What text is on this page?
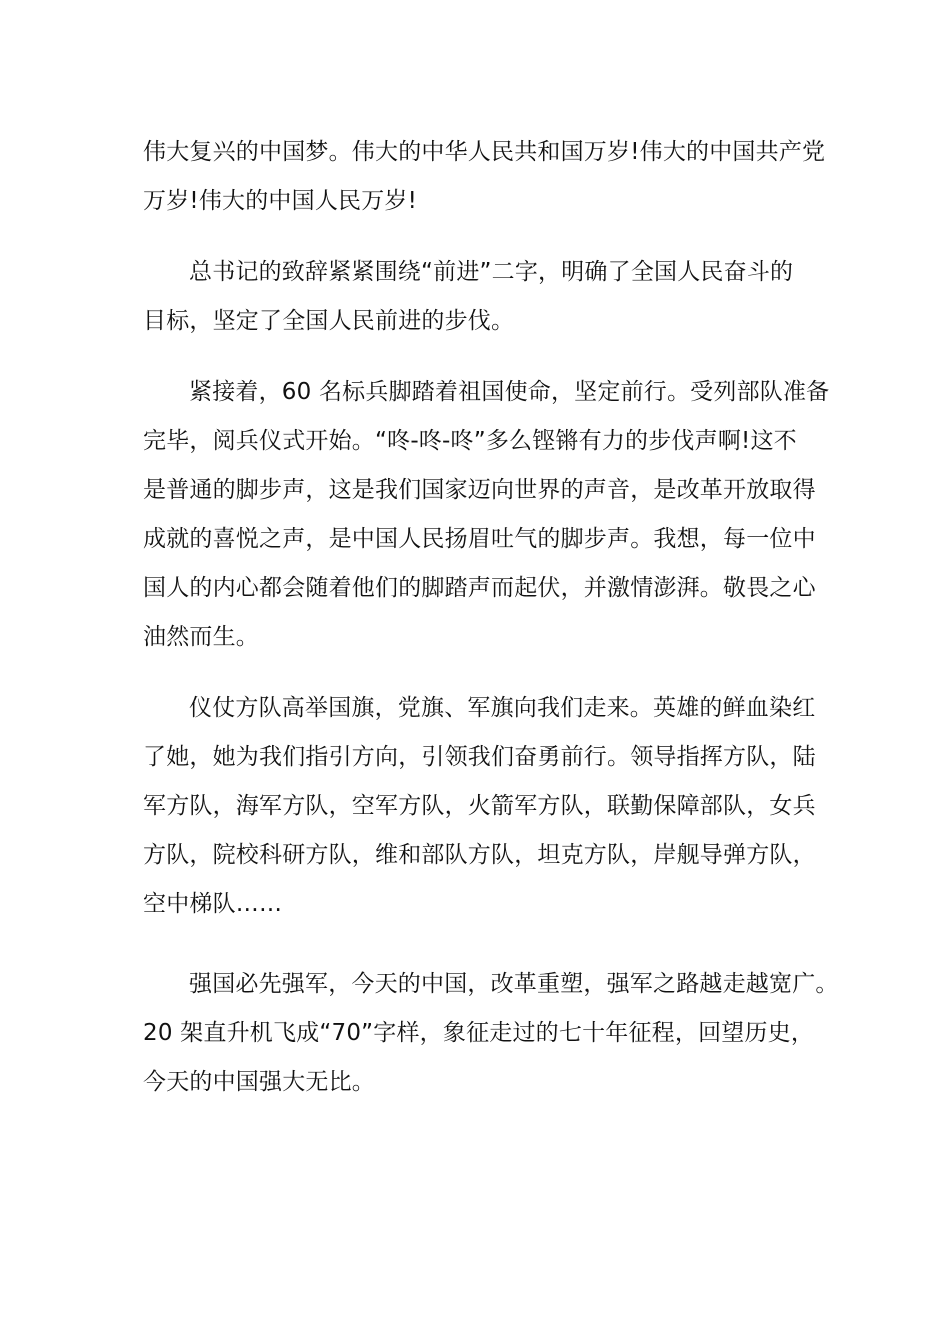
伟大复兴的中国梦。伟大的中华人民共和国万岁!伟大的中国共产党
万岁!伟大的中国人民万岁!
总书记的致辞紧紧围绕“前进”二字，明确了全国人民奋斗的
目标，坚定了全国人民前进的步伐。
紧接着，60 名标兵脚踏着祖国使命，坚定前行。受列部队准备
完毕，阅兵仪式开始。“咚-咚-咚”多么铿锵有力的步伐声啊!这不
是普通的脚步声，这是我们国家迈向世界的声音，是改革开放取得
成就的喜悦之声，是中国人民扬眉吐气的脚步声。我想，每一位中
国人的内心都会随着他们的脚踏声而起伏，并激情澎湃。敬畏之心
油然而生。
仪仗方队高举国旗，党旗、军旗向我们走来。英雄的鲜血染红
了她，她为我们指引方向，引领我们奋勇前行。领导指挥方队，陆
军方队，海军方队，空军方队，火箭军方队，联勤保障部队，女兵
方队，院校科研方队，维和部队方队，坦克方队，岸舰导弹方队，
空中梯队……
强国必先强军，今天的中国，改革重塑，强军之路越走越宽广。
20 架直升机飞成“70”字样，象征走过的七十年征程，回望历史，
今天的中国强大无比。
